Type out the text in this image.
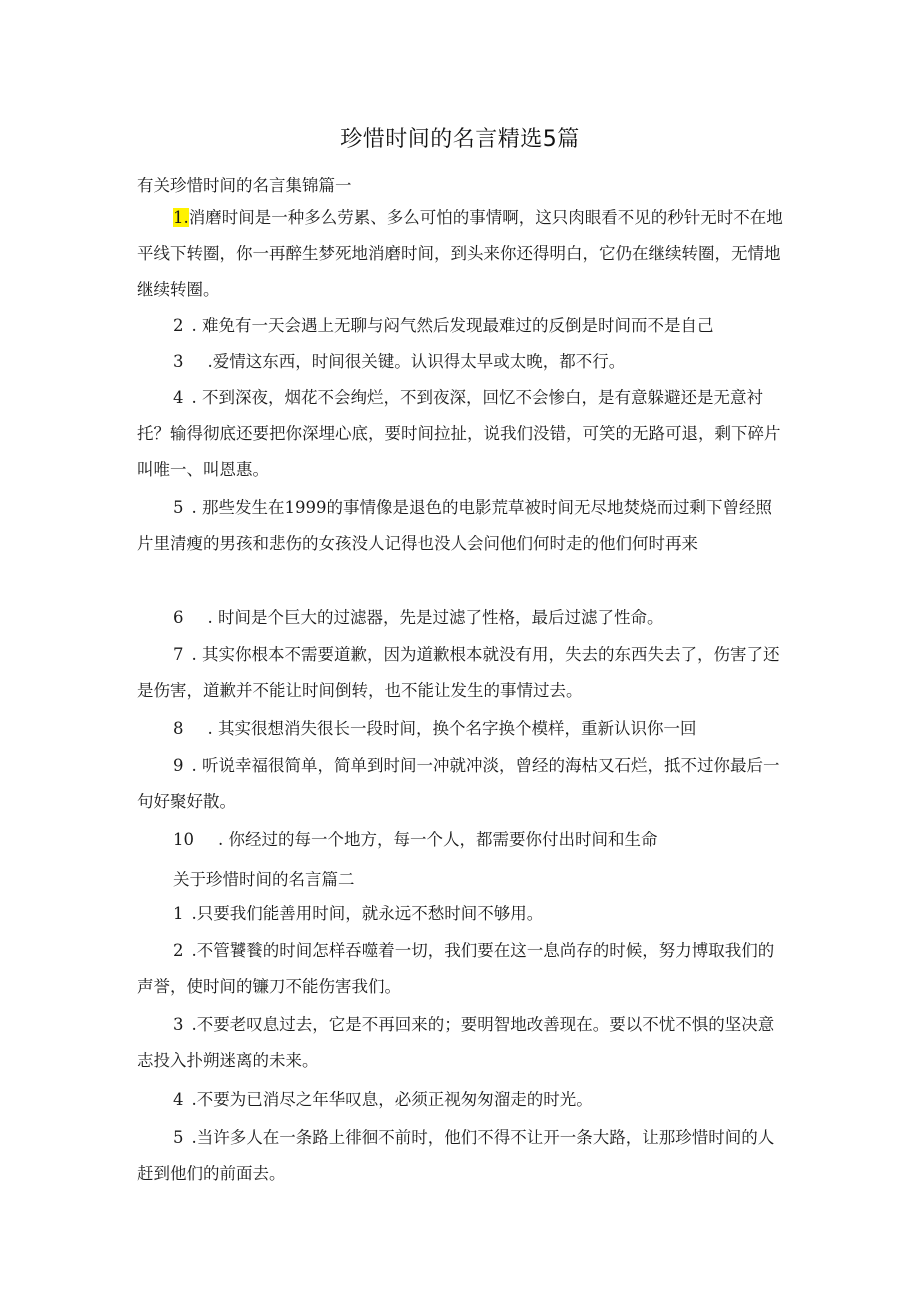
珍惜时间的名言精选5篇
有关珍惜时间的名言集锦篇一
1.消磨时间是一种多么劳累、多么可怕的事情啊，这只肉眼看不见的秒针无时不在地平线下转圈，你一再醉生梦死地消磨时间，到头来你还得明白，它仍在继续转圈，无情地继续转圈。
2 . 难免有一天会遇上无聊与闷气然后发现最难过的反倒是时间而不是自己
3 .爱情这东西，时间很关键。认识得太早或太晚，都不行。
4 . 不到深夜，烟花不会绚烂，不到夜深，回忆不会惨白，是有意躲避还是无意衬托？输得彻底还要把你深埋心底，要时间拉扯，说我们没错，可笑的无路可退，剩下碎片叫唯一、叫恩惠。
5 . 那些发生在1999的事情像是退色的电影荒草被时间无尽地焚烧而过剩下曾经照片里清瘦的男孩和悲伤的女孩没人记得也没人会问他们何时走的他们何时再来
6 . 时间是个巨大的过滤器，先是过滤了性格，最后过滤了性命。
7 . 其实你根本不需要道歉，因为道歉根本就没有用，失去的东西失去了，伤害了还是伤害，道歉并不能让时间倒转，也不能让发生的事情过去。
8 . 其实很想消失很长一段时间，换个名字换个模样，重新认识你一回
9 . 听说幸福很简单，简单到时间一冲就冲淡，曾经的海枯又石烂，抵不过你最后一句好聚好散。
10 . 你经过的每一个地方，每一个人，都需要你付出时间和生命
关于珍惜时间的名言篇二
1 .只要我们能善用时间，就永远不愁时间不够用。
2 .不管饕餮的时间怎样吞噬着一切，我们要在这一息尚存的时候，努力博取我们的声誉，使时间的镰刀不能伤害我们。
3 .不要老叹息过去，它是不再回来的；要明智地改善现在。要以不忧不惧的坚决意志投入扑朔迷离的未来。
4 .不要为已消尽之年华叹息，必须正视匆匆溜走的时光。
5 .当许多人在一条路上徘徊不前时，他们不得不让开一条大路，让那珍惜时间的人赶到他们的前面去。
